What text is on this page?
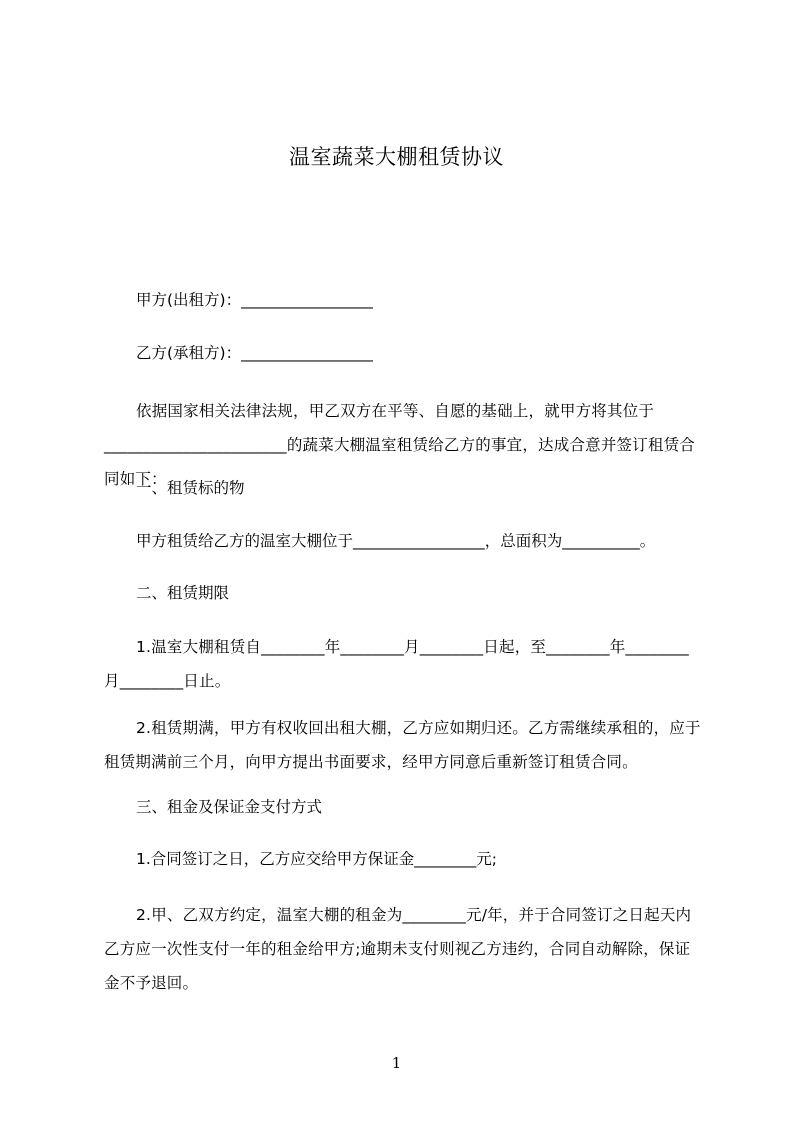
温室蔬菜大棚租赁协议
甲方(出租方)：_________________
乙方(承租方)：_________________
依据国家相关法律法规，甲乙双方在平等、自愿的基础上，就甲方将其位于_______________________的蔬菜大棚温室租赁给乙方的事宜，达成合意并签订租赁合同如下：
一、租赁标的物
甲方租赁给乙方的温室大棚位于_________________，总面积为__________。
二、租赁期限
1.温室大棚租赁自________年________月________日起，至________年________月________日止。
2.租赁期满，甲方有权收回出租大棚，乙方应如期归还。乙方需继续承租的，应于租赁期满前三个月，向甲方提出书面要求，经甲方同意后重新签订租赁合同。
三、租金及保证金支付方式
1.合同签订之日，乙方应交给甲方保证金________元;
2.甲、乙双方约定，温室大棚的租金为________元/年，并于合同签订之日起天内乙方应一次性支付一年的租金给甲方;逾期未支付则视乙方违约，合同自动解除，保证金不予退回。
1
